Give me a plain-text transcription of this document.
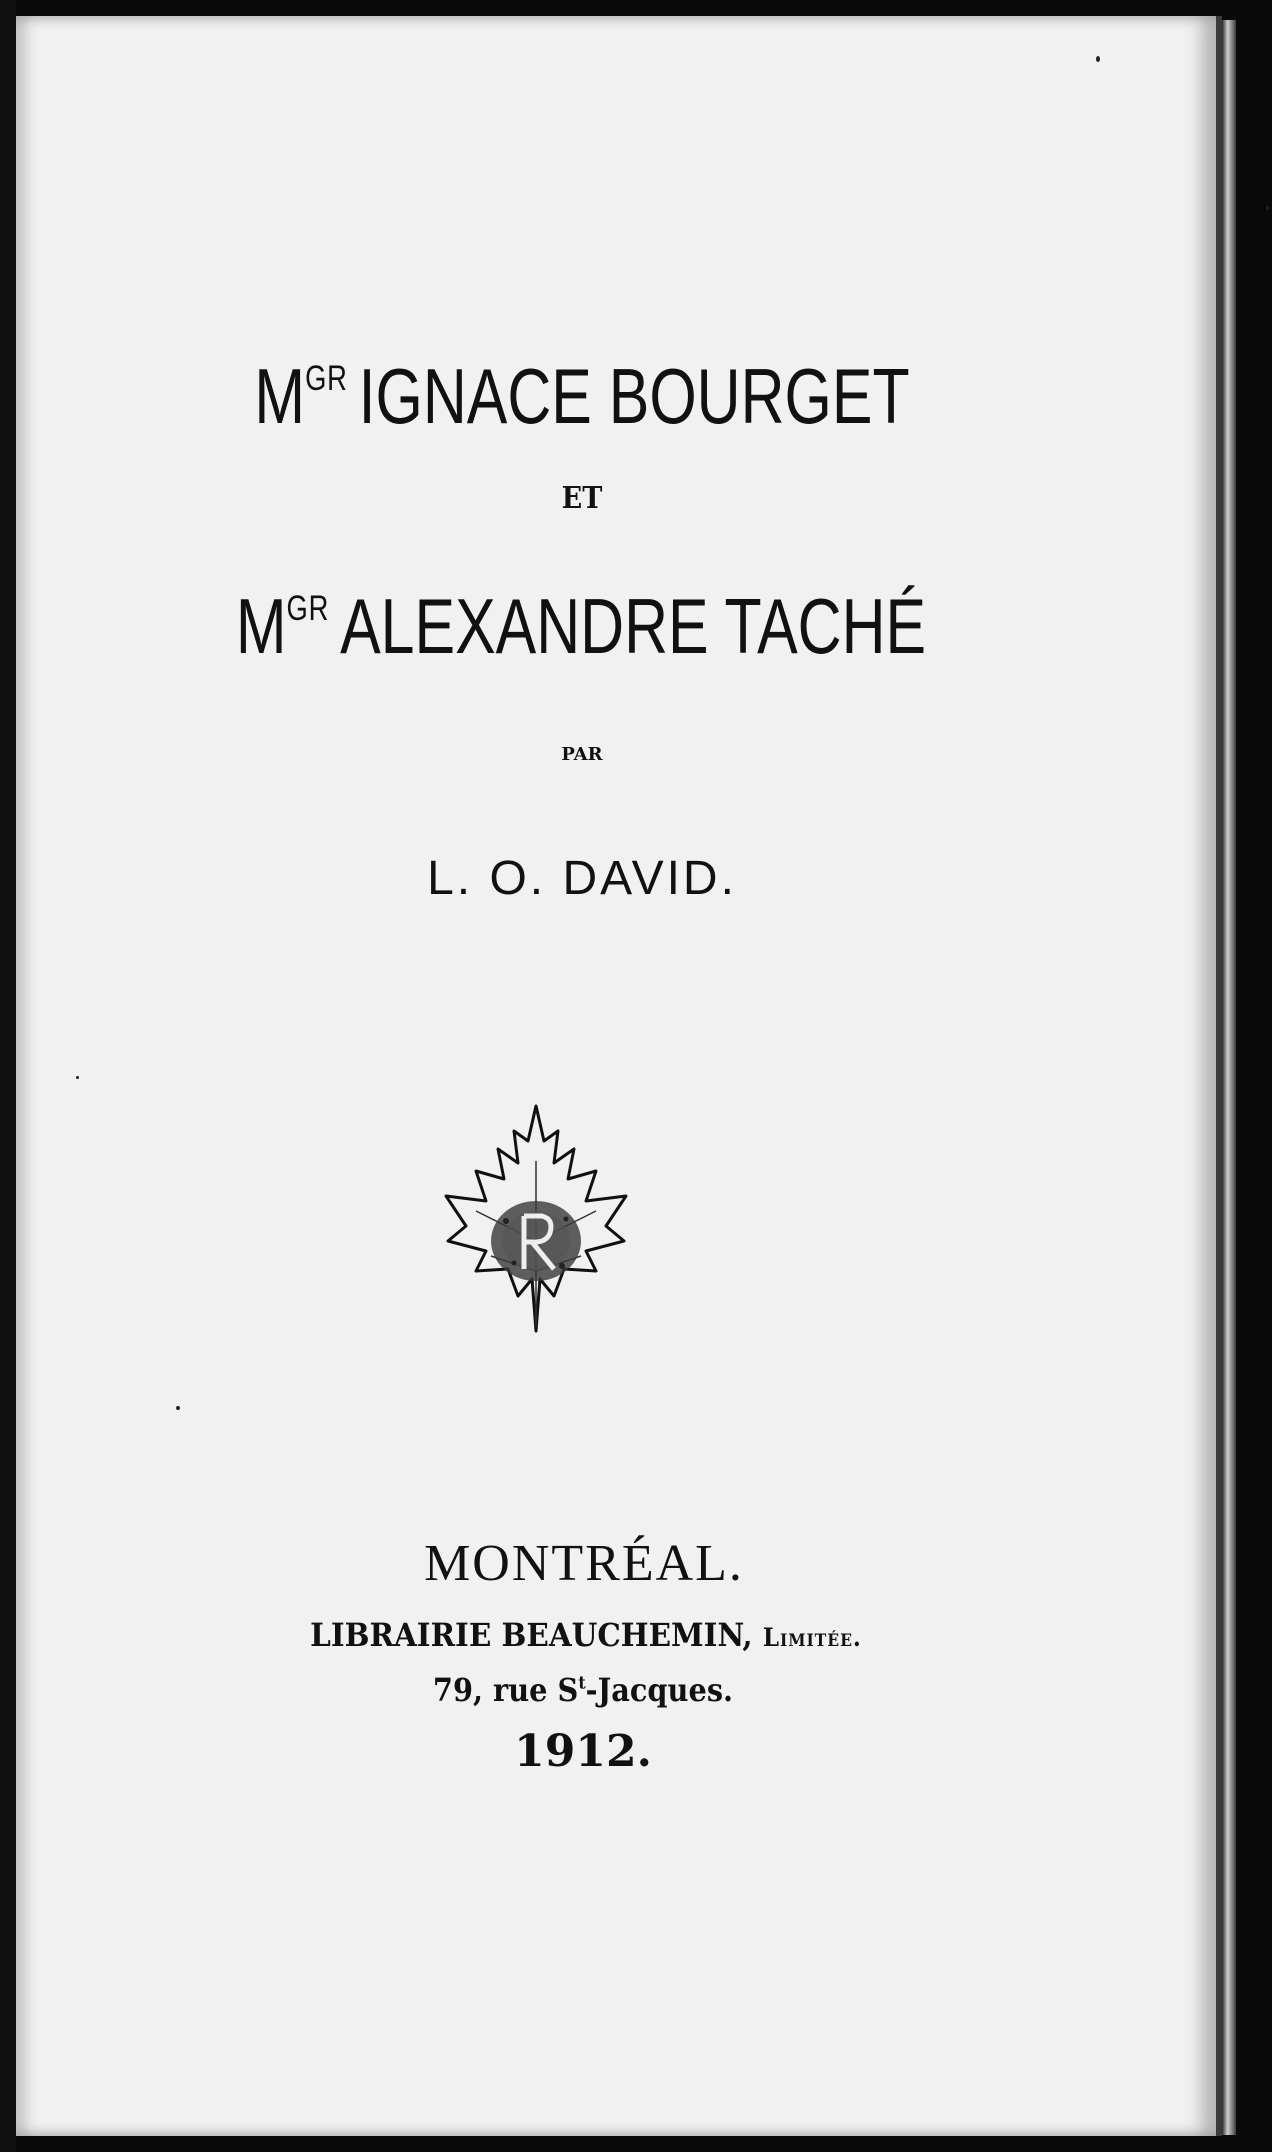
$M^{GR}$ IGNACE BOURGET
ET
$M^{GR}$ ALEXANDRE TACHÉ
PAR
L. O. DAVID.
MONTRÉAL.
LIBRAIRIE BEAUCHEMIN, Limitée.
79, rue $S^t$-Jacques.
1912.
